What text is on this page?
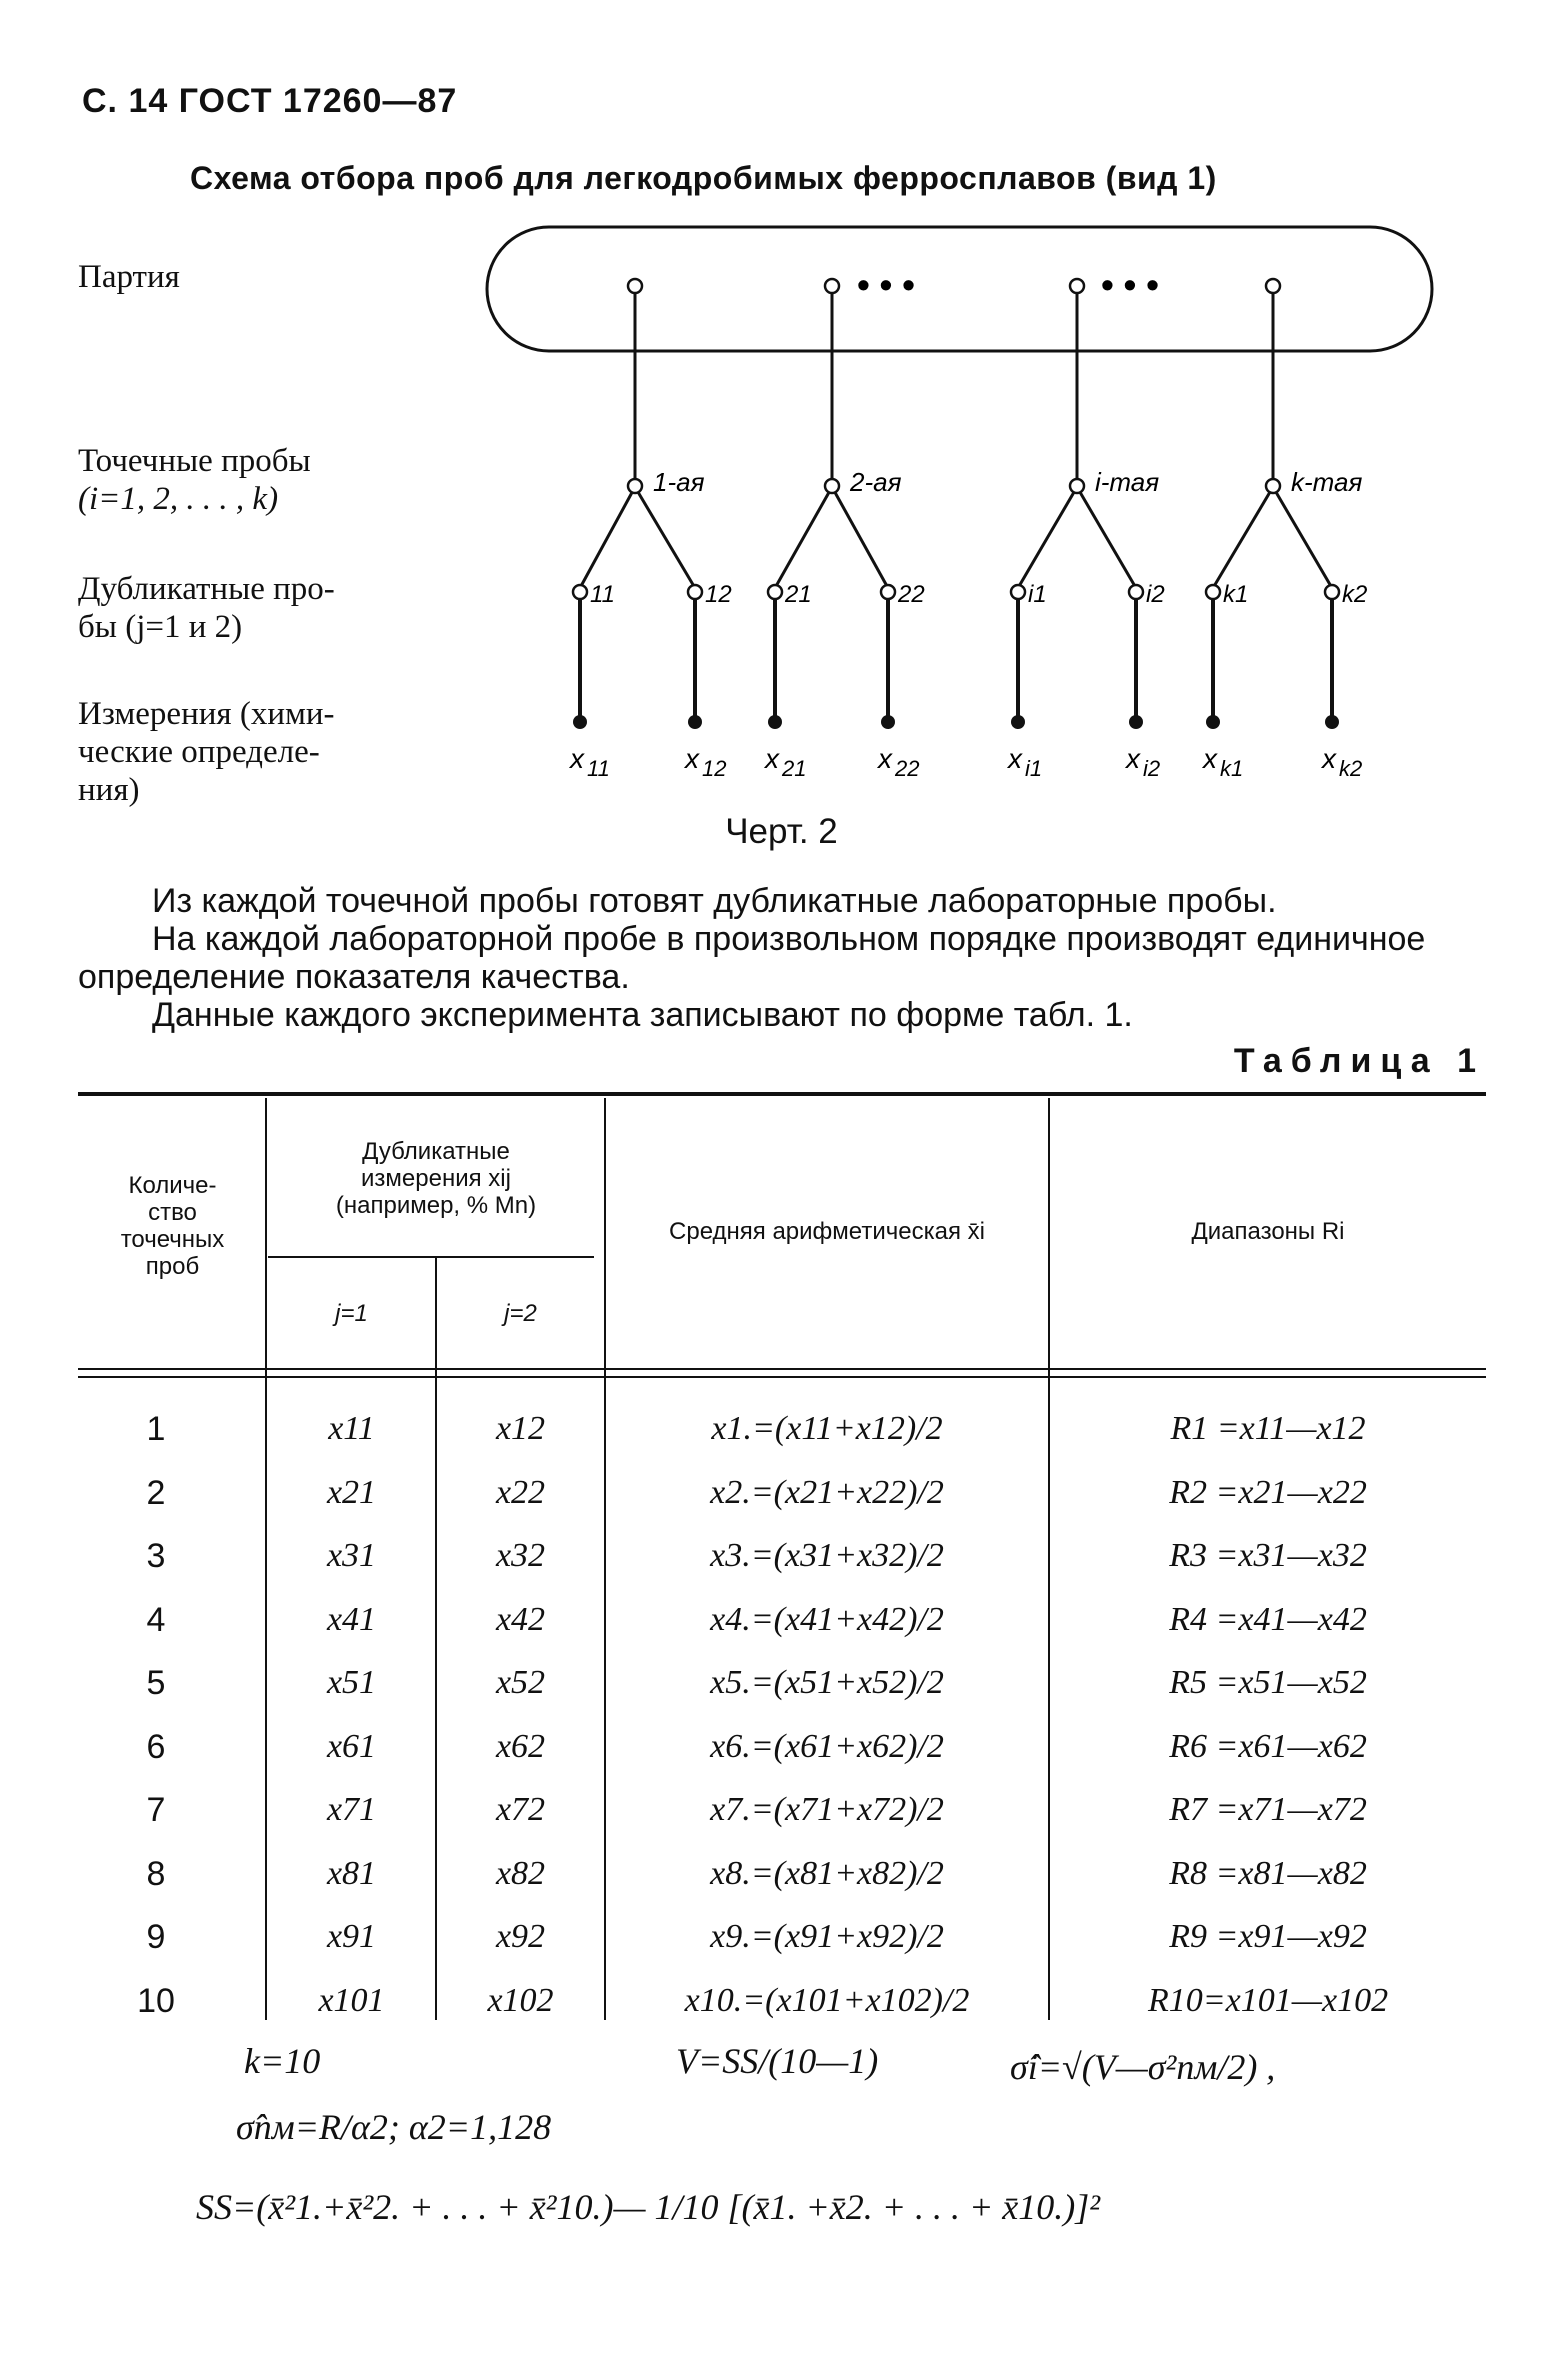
С. 14 ГОСТ 17260—87
Схема отбора проб для легкодробимых ферросплавов (вид 1)
Партия
Точечные пробы
(i=1, 2, . . . , k)
Дубликатные про-
бы (j=1 и 2)
Измерения (хими-
ческие определе-
ния)
1-ая
11
x 11
12
x 12
2-ая
21
x 21
22
x 22
i-тая
i1
x i1
i2
x i2
k-тая
k1
x k1
k2
x k2
• • •	• • •
Черт. 2
Из каждой точечной пробы готовят дубликатные лабораторные пробы.
На каждой лабораторной пробе в произвольном порядке производят единичное определение показателя качества.
Данные каждого эксперимента записывают по форме табл. 1.
Таблица 1
Количе-
ство
точечных
проб
Дубликатные
измерения xij
(например, % Мn)
j=1	j=2
Средняя арифметическая x̄i	Диапазоны Ri
1	x11	x12	x1.=(x11+x12)/2	R1 =x11—x12
2	x21	x22	x2.=(x21+x22)/2	R2 =x21—x22
3	x31	x32	x3.=(x31+x32)/2	R3 =x31—x32
4	x41	x42	x4.=(x41+x42)/2	R4 =x41—x42
5	x51	x52	x5.=(x51+x52)/2	R5 =x51—x52
6	x61	x62	x6.=(x61+x62)/2	R6 =x61—x62
7	x71	x72	x7.=(x71+x72)/2	R7 =x71—x72
8	x81	x82	x8.=(x81+x82)/2	R8 =x81—x82
9	x91	x92	x9.=(x91+x92)/2	R9 =x91—x92
10	x101	x102	x10.=(x101+x102)/2	R10=x101—x102
k=10	V=SS/(10—1)	σ̂i=√(V—σ²пм/2) ,
σ̂пм=R/α2; α2=1,128
SS=(x̄²1.+x̄²2. + . . . + x̄²10.)— 1/10 [(x̄1. +x̄2. + . . . + x̄10.)]²
